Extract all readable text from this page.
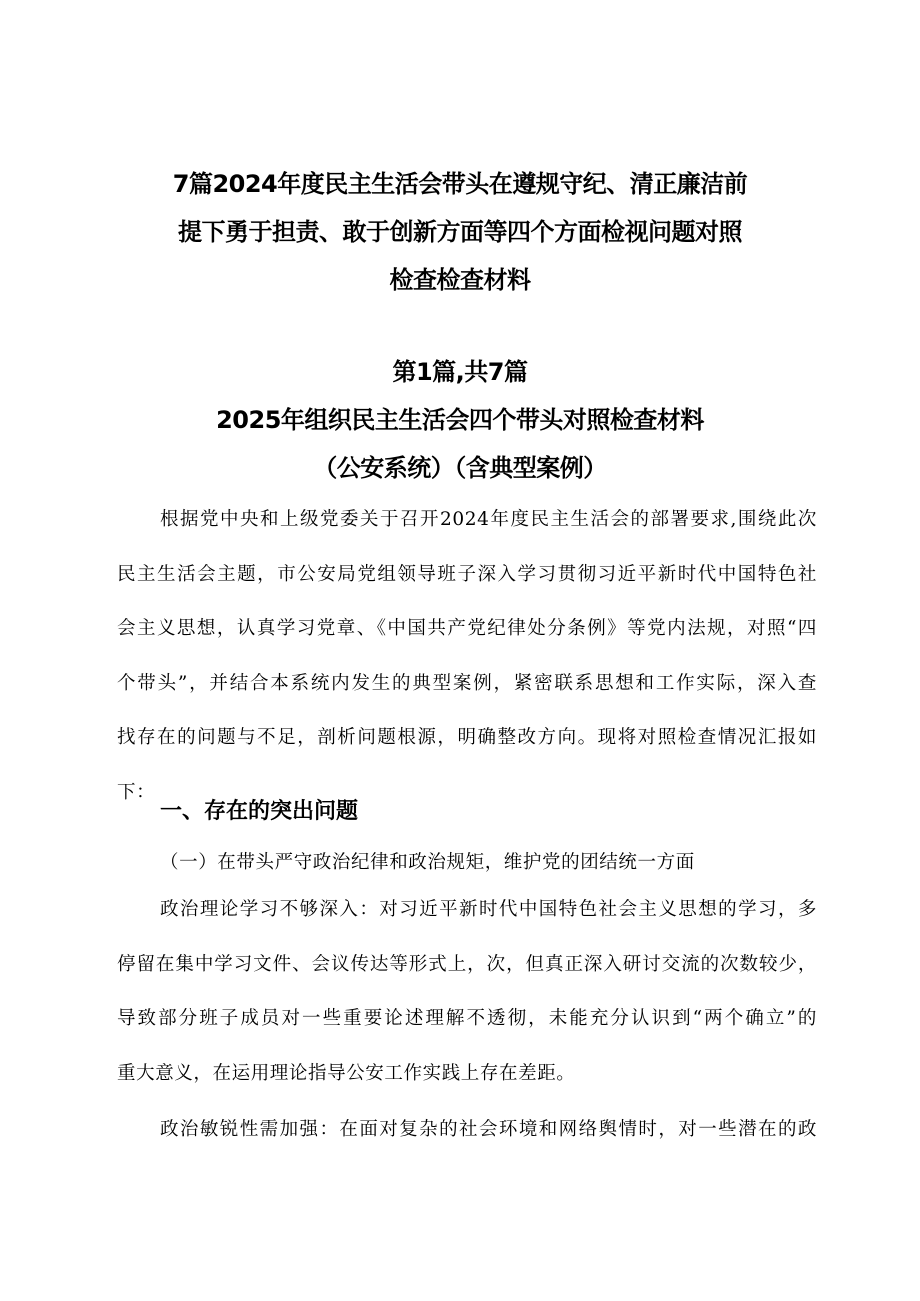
7篇2024年度民主生活会带头在遵规守纪、清正廉洁前
提下勇于担责、敢于创新方面等四个方面检视问题对照
检查检查材料
第1篇,共7篇
2025年组织民主生活会四个带头对照检查材料
（公安系统）（含典型案例）
根据党中央和上级党委关于召开2024年度民主生活会的部署要求,围绕此次
民主生活会主题，市公安局党组领导班子深入学习贯彻习近平新时代中国特色社
会主义思想，认真学习党章、《中国共产党纪律处分条例》等党内法规，对照“四
个带头”，并结合本系统内发生的典型案例，紧密联系思想和工作实际，深入查
找存在的问题与不足，剖析问题根源，明确整改方向。现将对照检查情况汇报如
下：
一、存在的突出问题
（一）在带头严守政治纪律和政治规矩，维护党的团结统一方面
政治理论学习不够深入：对习近平新时代中国特色社会主义思想的学习，多
停留在集中学习文件、会议传达等形式上，次，但真正深入研讨交流的次数较少，
导致部分班子成员对一些重要论述理解不透彻，未能充分认识到“两个确立”的
重大意义，在运用理论指导公安工作实践上存在差距。
政治敏锐性需加强：在面对复杂的社会环境和网络舆情时，对一些潜在的政
